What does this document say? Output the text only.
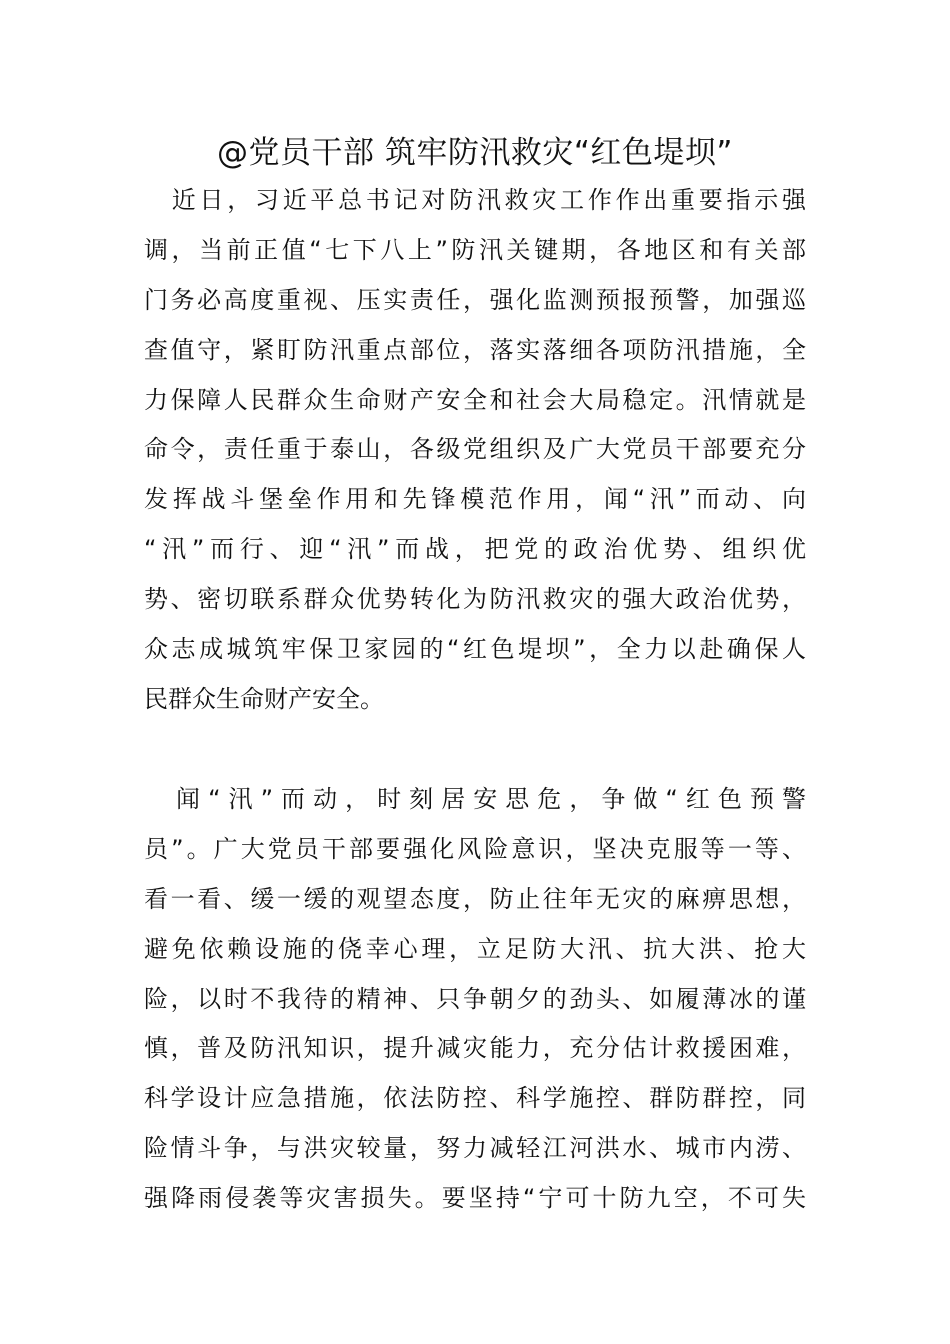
@党员干部 筑牢防汛救灾“红色堤坝”
　近日，习近平总书记对防汛救灾工作作出重要指示强
调，当前正值“七下八上”防汛关键期，各地区和有关部
门务必高度重视、压实责任，强化监测预报预警，加强巡
查值守，紧盯防汛重点部位，落实落细各项防汛措施，全
力保障人民群众生命财产安全和社会大局稳定。汛情就是
命令，责任重于泰山，各级党组织及广大党员干部要充分
发挥战斗堡垒作用和先锋模范作用，闻“汛”而动、向
“汛”而行、迎“汛”而战，把党的政治优势、组织优
势、密切联系群众优势转化为防汛救灾的强大政治优势，
众志成城筑牢保卫家园的“红色堤坝”，全力以赴确保人
民群众生命财产安全。
　闻“汛”而动，时刻居安思危，争做“红色预警
员”。广大党员干部要强化风险意识，坚决克服等一等、
看一看、缓一缓的观望态度，防止往年无灾的麻痹思想，
避免依赖设施的侥幸心理，立足防大汛、抗大洪、抢大
险，以时不我待的精神、只争朝夕的劲头、如履薄冰的谨
慎，普及防汛知识，提升减灾能力，充分估计救援困难，
科学设计应急措施，依法防控、科学施控、群防群控，同
险情斗争，与洪灾较量，努力减轻江河洪水、城市内涝、
强降雨侵袭等灾害损失。要坚持“宁可十防九空，不可失
